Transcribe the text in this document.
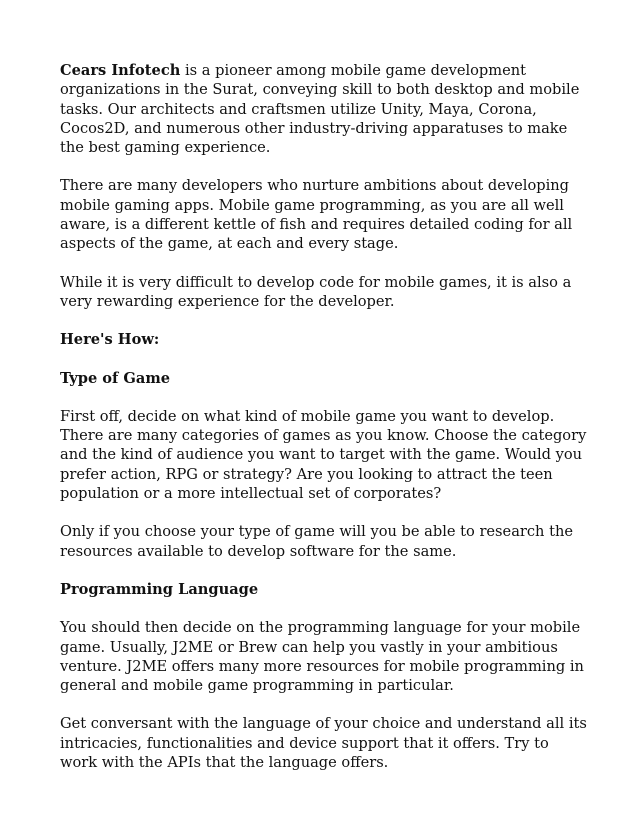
Cears Infotech is a pioneer among mobile game development organizations in the Surat, conveying skill to both desktop and mobile tasks. Our architects and craftsmen utilize Unity, Maya, Corona, Cocos2D, and numerous other industry-driving apparatuses to make the best gaming experience.

There are many developers who nurture ambitions about developing mobile gaming apps. Mobile game programming, as you are all well aware, is a different kettle of fish and requires detailed coding for all aspects of the game, at each and every stage.

While it is very difficult to develop code for mobile games, it is also a very rewarding experience for the developer.

Here's How:

Type of Game

First off, decide on what kind of mobile game you want to develop. There are many categories of games as you know. Choose the category and the kind of audience you want to target with the game. Would you prefer action, RPG or strategy? Are you looking to attract the teen population or a more intellectual set of corporates?

Only if you choose your type of game will you be able to research the resources available to develop software for the same.

Programming Language

You should then decide on the programming language for your mobile game. Usually, J2ME or Brew can help you vastly in your ambitious venture. J2ME offers many more resources for mobile programming in general and mobile game programming in particular.

Get conversant with the language of your choice and understand all its intricacies, functionalities and device support that it offers. Try to work with the APIs that the language offers.
